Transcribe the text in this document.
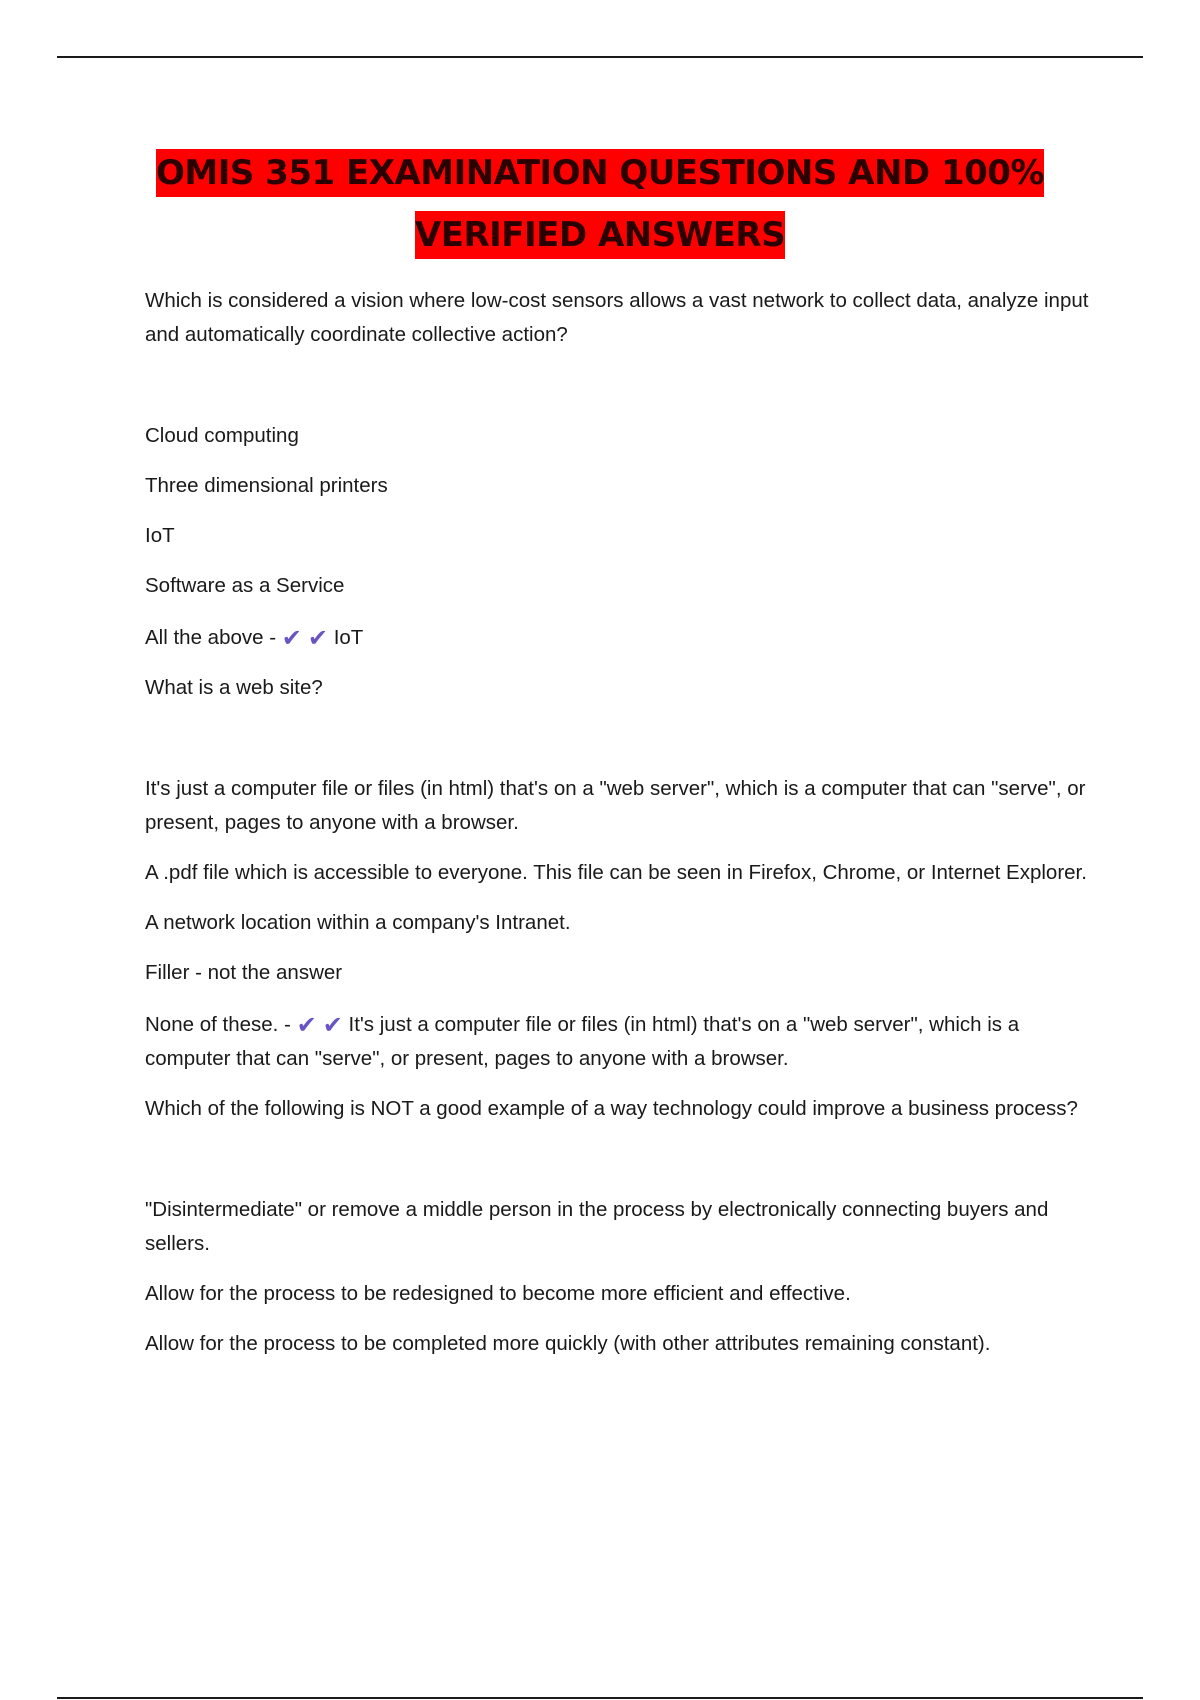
OMIS 351 EXAMINATION QUESTIONS AND 100%
VERIFIED ANSWERS

Which is considered a vision where low-cost sensors allows a vast network to collect data, analyze input and automatically coordinate collective action?

Cloud computing

Three dimensional printers

IoT

Software as a Service

All the above - ✔ ✔ IoT

What is a web site?

It's just a computer file or files (in html) that's on a "web server", which is a computer that can "serve", or present, pages to anyone with a browser.

A .pdf file which is accessible to everyone. This file can be seen in Firefox, Chrome, or Internet Explorer.

A network location within a company's Intranet.

Filler - not the answer

None of these. - ✔ ✔ It's just a computer file or files (in html) that's on a "web server", which is a computer that can "serve", or present, pages to anyone with a browser.

Which of the following is NOT a good example of a way technology could improve a business process?

"Disintermediate" or remove a middle person in the process by electronically connecting buyers and sellers.

Allow for the process to be redesigned to become more efficient and effective.

Allow for the process to be completed more quickly (with other attributes remaining constant).
